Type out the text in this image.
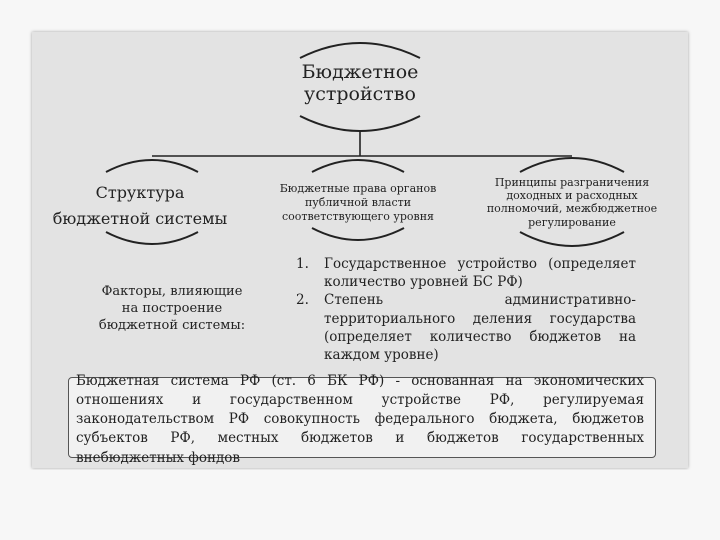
Бюджетное
устройство
Структура
бюджетной системы
Бюджетные права органов
публичной власти
соответствующего уровня
Принципы разграничения
доходных и расходных
полномочий, межбюджетное
регулирование
Факторы, влияющие
на построение
бюджетной системы:
1. Государственное устройство (определяет количество уровней БС РФ)
2. Степень административно-территориального деления государства (определяет количество бюджетов на каждом уровне)
Бюджетная система РФ (ст. 6 БК РФ) - основанная на экономических отношениях и государственном устройстве РФ, регулируемая законодательством РФ совокупность федерального бюджета, бюджетов субъектов РФ, местных бюджетов и бюджетов государственных внебюджетных фондов
